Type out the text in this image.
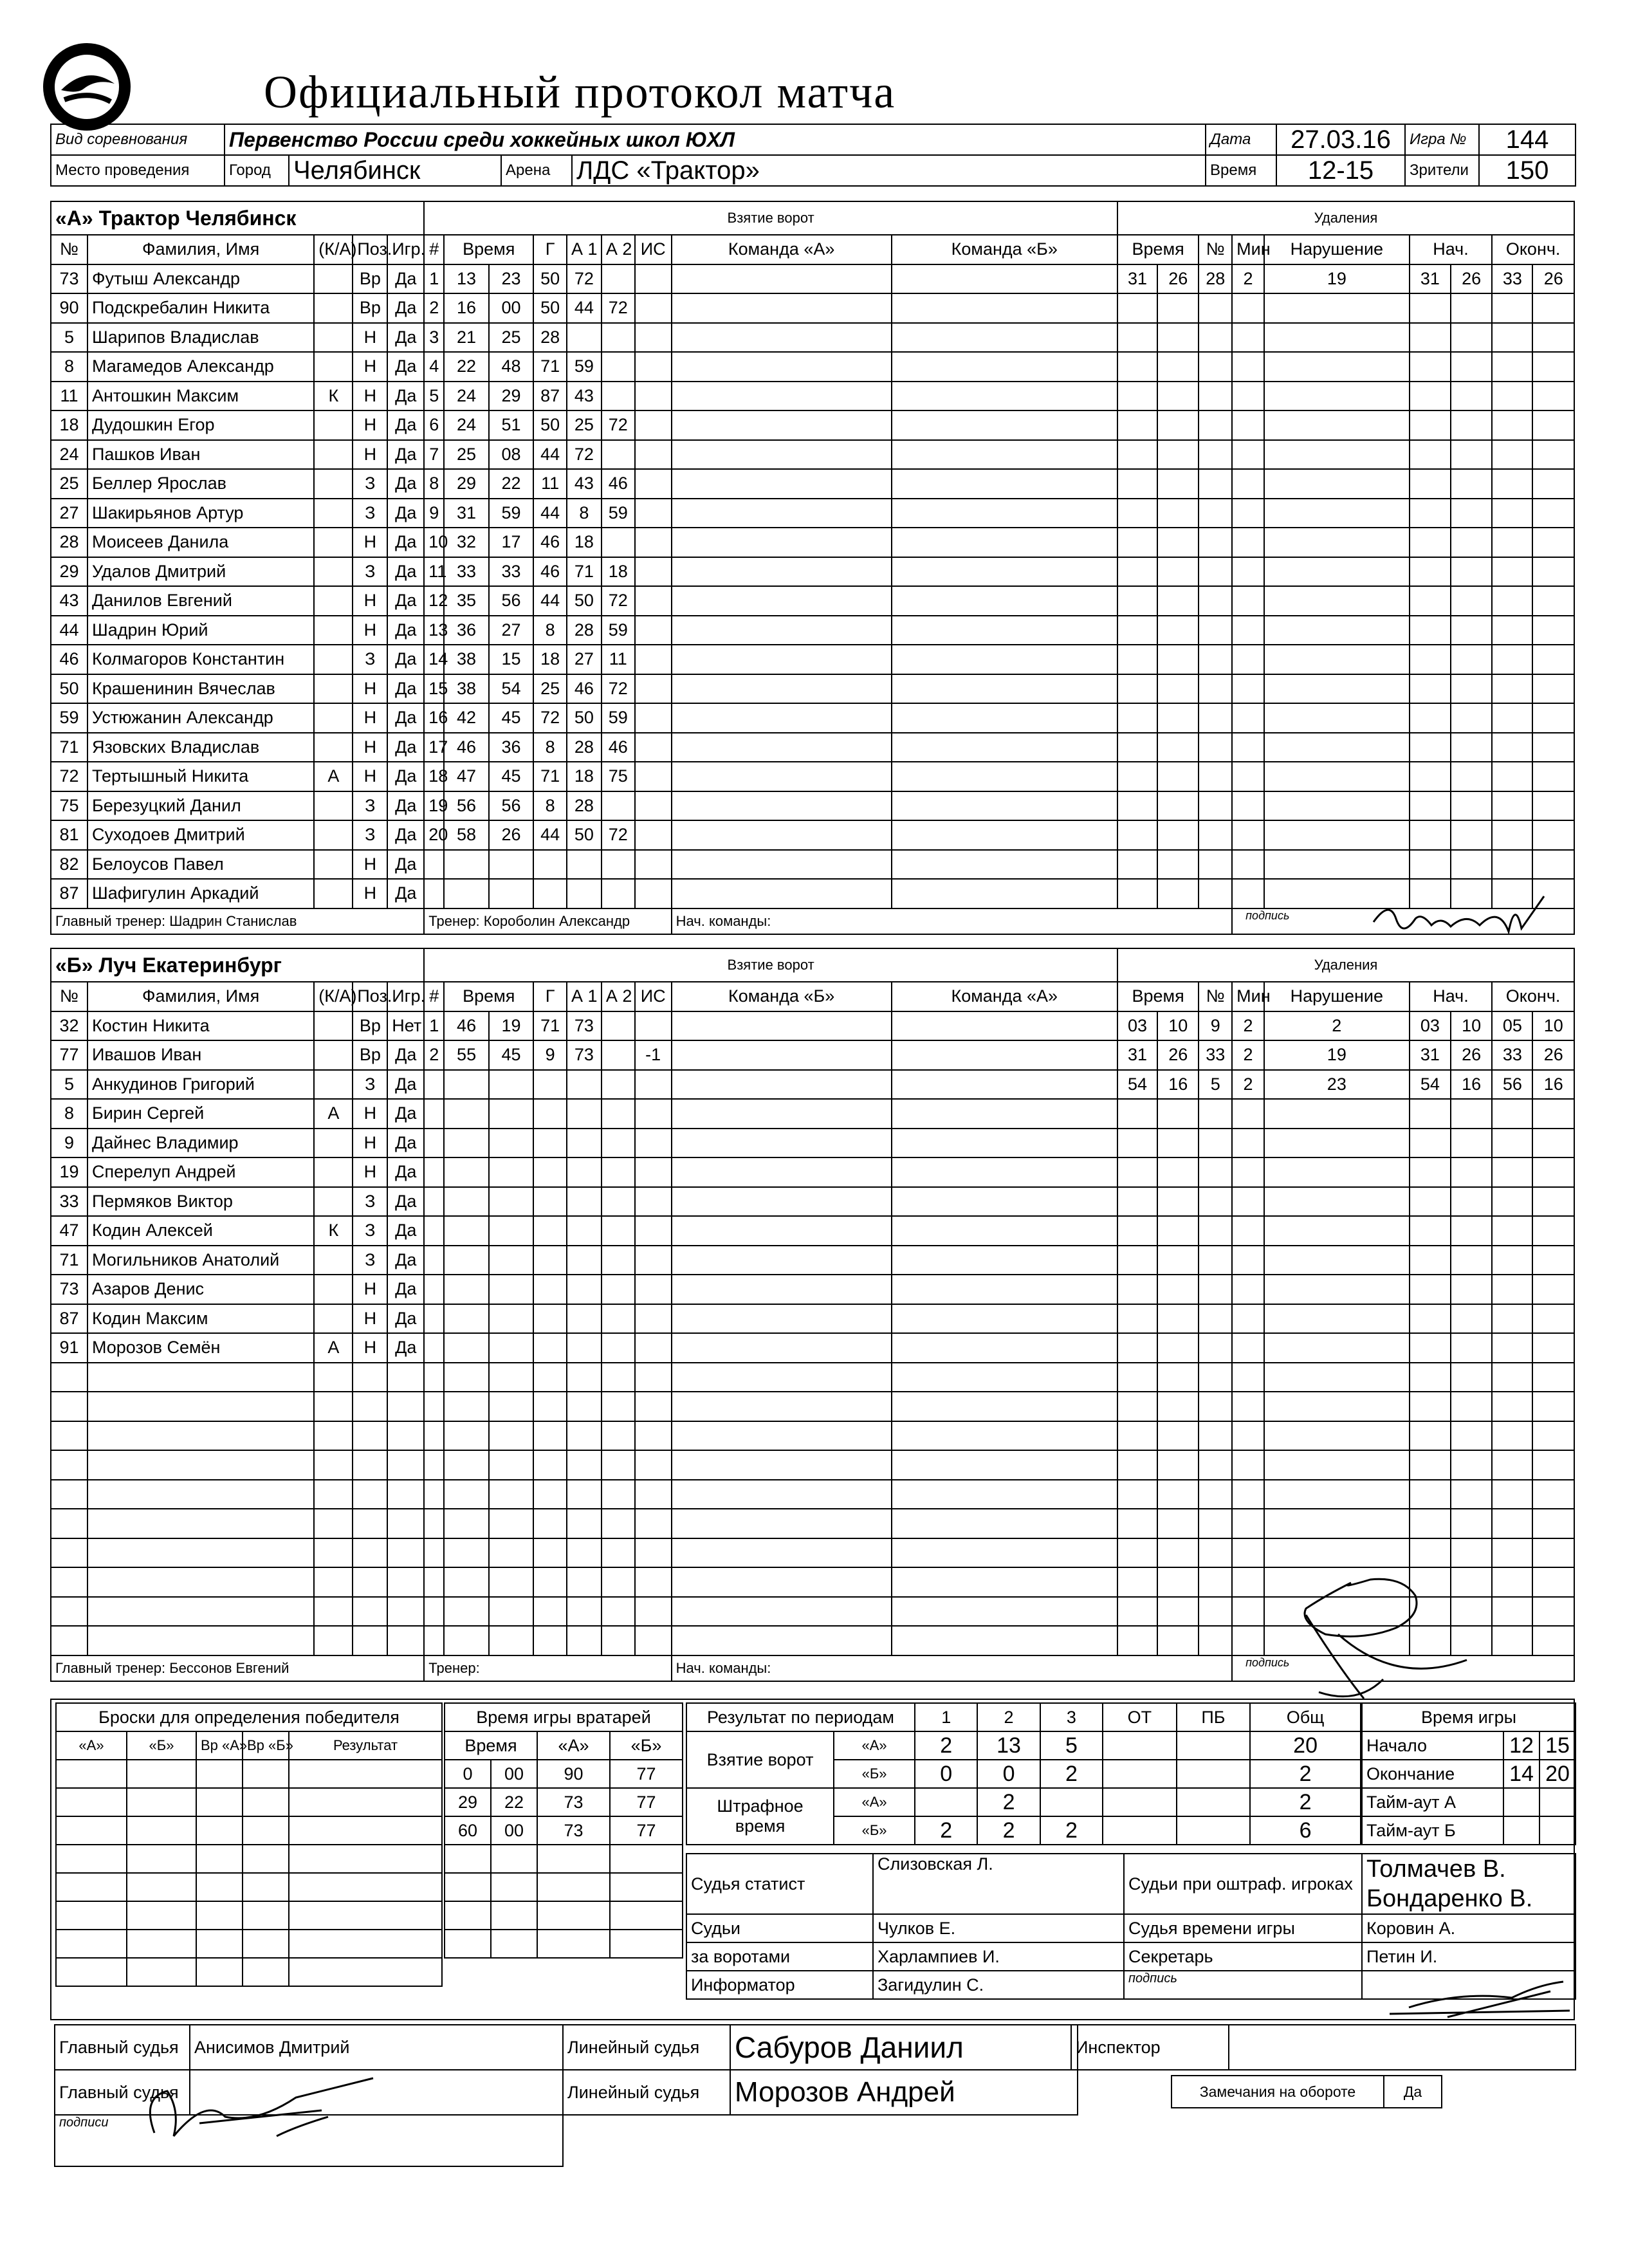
Официальный протокол матча
Вид соревнования	Первенство России среди хоккейных школ ЮХЛ				Дата	27.03.16	Игра №	144
Место проведения	Город	Челябинск	Арена	ЛДС «Трактор»	Время	12-15	Зрители	150
«А» Трактор Челябинск					Взятие ворот									Удаления								
№	Фамилия, Имя	(К/А)	Поз.	Игр.	#	Время		Г	А 1	А 2	ИС	Команда «А»	Команда «Б»	Время		№	Мин	Нарушение	Нач.		Оконч.	
73	Футыш Александр		Вр	Да	1	13	23	50	72					31	26	28	2	19	31	26	33	26
90	Подскребалин Никита		Вр	Да	2	16	00	50	44	72												
5	Шарипов Владислав		Н	Да	3	21	25	28														
8	Магамедов Александр		Н	Да	4	22	48	71	59													
11	Антошкин Максим	К	Н	Да	5	24	29	87	43													
18	Дудошкин Егор		Н	Да	6	24	51	50	25	72												
24	Пашков Иван		Н	Да	7	25	08	44	72													
25	Беллер Ярослав		З	Да	8	29	22	11	43	46												
27	Шакирьянов Артур		З	Да	9	31	59	44	8	59												
28	Моисеев Данила		Н	Да	10	32	17	46	18													
29	Удалов Дмитрий		З	Да	11	33	33	46	71	18												
43	Данилов Евгений		Н	Да	12	35	56	44	50	72												
44	Шадрин Юрий		Н	Да	13	36	27	8	28	59												
46	Колмагоров Константин		З	Да	14	38	15	18	27	11												
50	Крашенинин Вячеслав		Н	Да	15	38	54	25	46	72												
59	Устюжанин Александр		Н	Да	16	42	45	72	50	59												
71	Язовских Владислав		Н	Да	17	46	36	8	28	46												
72	Тертышный Никита	А	Н	Да	18	47	45	71	18	75												
75	Березуцкий Данил		З	Да	19	56	56	8	28													
81	Суходоев Дмитрий		З	Да	20	58	26	44	50	72												
82	Белоусов Павел		Н	Да																		
87	Шафигулин Аркадий		Н	Да																		
Главный тренер: Шадрин Станислав					Тренер: Короболин Александр							Нач. команды:					подпись					
«Б» Луч Екатеринбург					Взятие ворот									Удаления								
№	Фамилия, Имя	(К/А)	Поз.	Игр.	#	Время		Г	А 1	А 2	ИС	Команда «Б»	Команда «А»	Время		№	Мин	Нарушение	Нач.		Оконч.	
32	Костин Никита		Вр	Нет	1	46	19	71	73					03	10	9	2	2	03	10	05	10
77	Ивашов Иван		Вр	Да	2	55	45	9	73		-1			31	26	33	2	19	31	26	33	26
5	Анкудинов Григорий		З	Да										54	16	5	2	23	54	16	56	16
8	Бирин Сергей	А	Н	Да																		
9	Дайнес Владимир		Н	Да																		
19	Сперелуп Андрей		Н	Да																		
33	Пермяков Виктор		З	Да																		
47	Кодин Алексей	К	З	Да																		
71	Могильников Анатолий		З	Да																		
73	Азаров Денис		Н	Да																		
87	Кодин Максим		Н	Да																		
91	Морозов Семён	А	Н	Да																		

Главный тренер: Бессонов Евгений					Тренер:							Нач. команды:					подпись					
Броски для определения победителя				
«А»	«Б»	Вр «А»	Вр «Б»	Результат

Время игры вратарей			
Время		«А»	«Б»
0	00	90	77
29	22	73	77
60	00	73	77

Результат по периодам		1	2	3	ОТ	ПБ	Общ
Взятие ворот	«А»	2	13	5			20
	«Б»	0	0	2			2
Штрафное время	«А»		2				2
	«Б»	2	2	2			6
Время игры		
Начало	12	15
Окончание	14	20
Тайм-аут А		
Тайм-аут Б		
Судья статист	Слизовская Л.	Судьи при оштраф. игроках	Толмачев В.
Бондаренко В.
Судьи	Чулков Е.	Судья времени игры	Коровин А.
за воротами	Харлампиев И.	Секретарь	Петин И.
Информатор	Загидулин С.	подпись	
Главный судья	Анисимов Дмитрий
Главный судья	
подписи	
Линейный судья	Сабуров Даниил
Линейный судья	Морозов Андрей
Инспектор	
Замечания на обороте	Да
